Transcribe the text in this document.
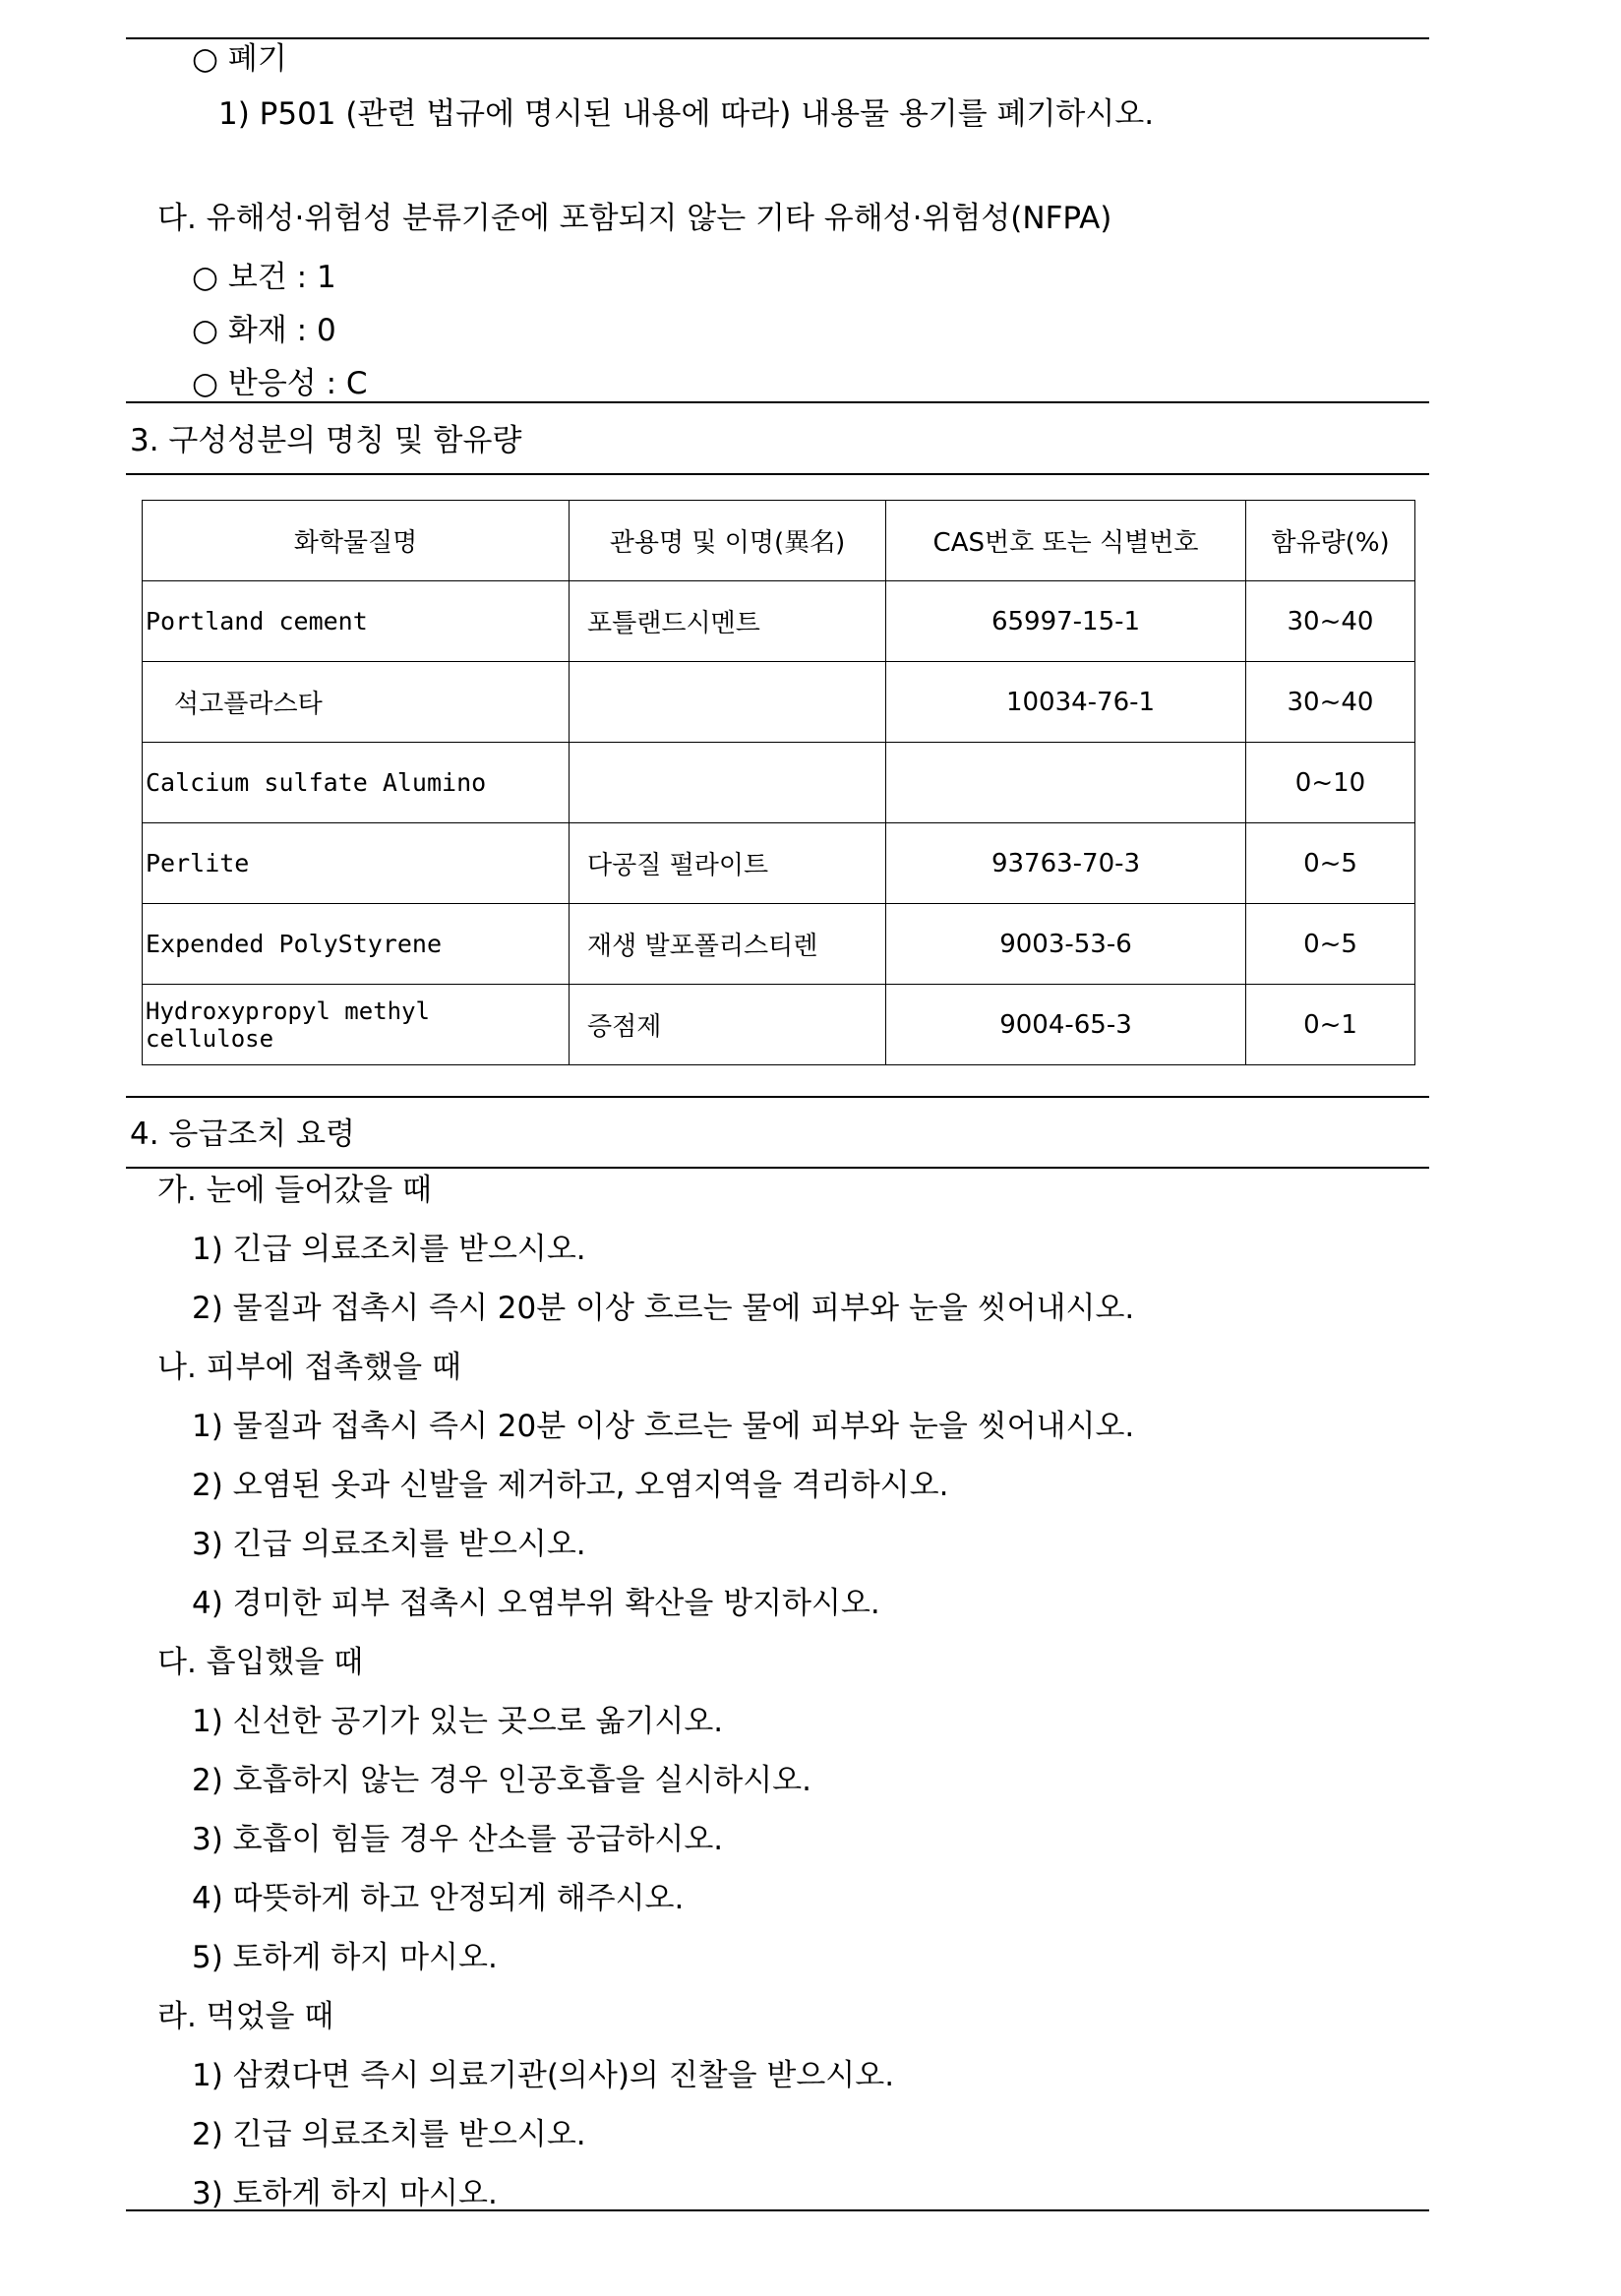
○ 폐기
1) P501 (관련 법규에 명시된 내용에 따라) 내용물 용기를 폐기하시오.
다. 유해성·위험성 분류기준에 포함되지 않는 기타 유해성·위험성(NFPA)
○ 보건 : 1
○ 화재 : 0
○ 반응성 : C
3. 구성성분의 명칭 및 함유량
화학물질명	관용명 및 이명(異名)	CAS번호 또는 식별번호	함유량(%)
Portland cement	포틀랜드시멘트	65997-15-1	30~40
석고플라스타		10034-76-1	30~40
Calcium sulfate Alumino			0~10
Perlite	다공질 펄라이트	93763-70-3	0~5
Expended PolyStyrene	재생 발포폴리스티렌	9003-53-6	0~5
Hydroxypropyl methyl cellulose	증점제	9004-65-3	0~1
4. 응급조치 요령
가. 눈에 들어갔을 때
1) 긴급 의료조치를 받으시오.
2) 물질과 접촉시 즉시 20분 이상 흐르는 물에 피부와 눈을 씻어내시오.
나. 피부에 접촉했을 때
1) 물질과 접촉시 즉시 20분 이상 흐르는 물에 피부와 눈을 씻어내시오.
2) 오염된 옷과 신발을 제거하고, 오염지역을 격리하시오.
3) 긴급 의료조치를 받으시오.
4) 경미한 피부 접촉시 오염부위 확산을 방지하시오.
다. 흡입했을 때
1) 신선한 공기가 있는 곳으로 옮기시오.
2) 호흡하지 않는 경우 인공호흡을 실시하시오.
3) 호흡이 힘들 경우 산소를 공급하시오.
4) 따뜻하게 하고 안정되게 해주시오.
5) 토하게 하지 마시오.
라. 먹었을 때
1) 삼켰다면 즉시 의료기관(의사)의 진찰을 받으시오.
2) 긴급 의료조치를 받으시오.
3) 토하게 하지 마시오.
